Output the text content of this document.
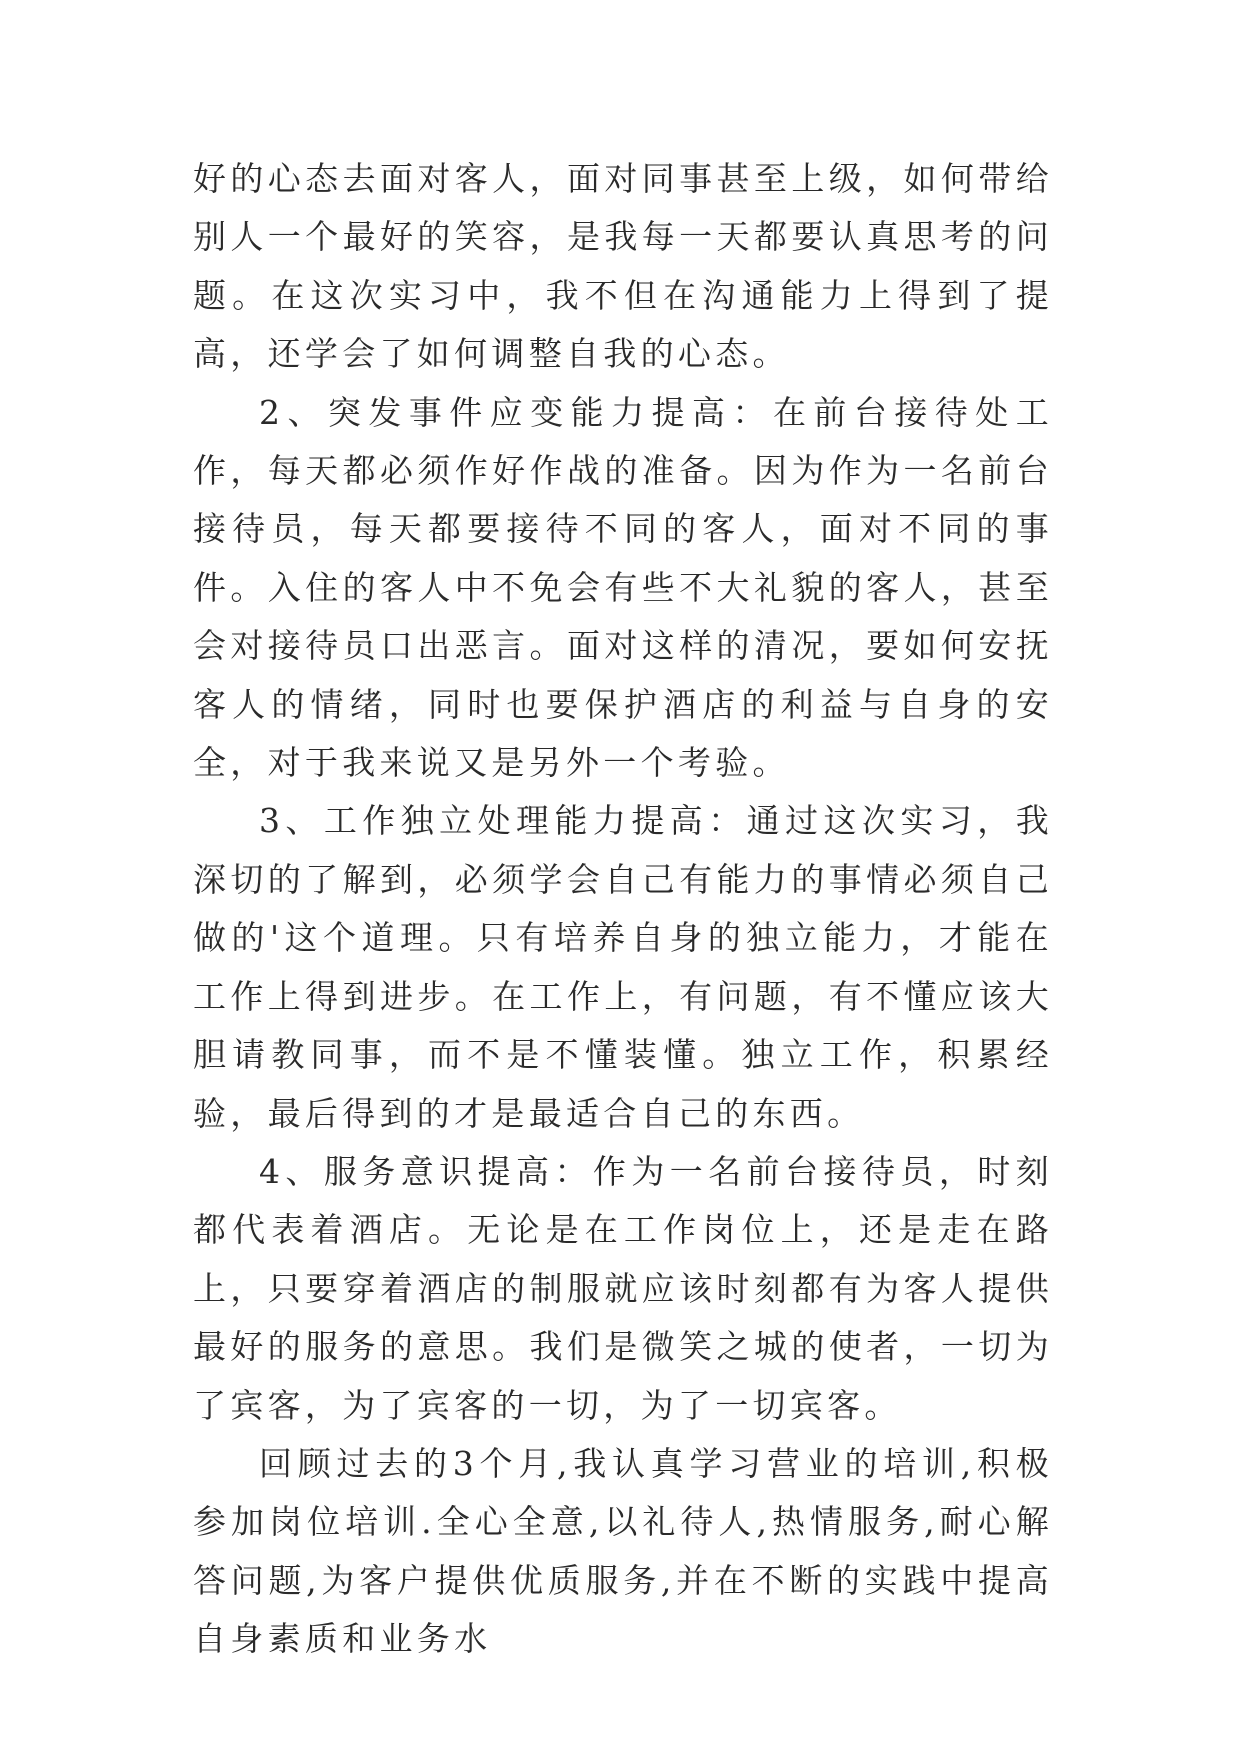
好的心态去面对客人，面对同事甚至上级，如何带给别人一个最好的笑容，是我每一天都要认真思考的问题。在这次实习中，我不但在沟通能力上得到了提高，还学会了如何调整自我的心态。

2、突发事件应变能力提高：在前台接待处工作，每天都必须作好作战的准备。因为作为一名前台接待员，每天都要接待不同的客人，面对不同的事件。入住的客人中不免会有些不大礼貌的客人，甚至会对接待员口出恶言。面对这样的清况，要如何安抚客人的情绪，同时也要保护酒店的利益与自身的安全，对于我来说又是另外一个考验。

3、工作独立处理能力提高：通过这次实习，我深切的了解到，必须学会自己有能力的事情必须自己做的'这个道理。只有培养自身的独立能力，才能在工作上得到进步。在工作上，有问题，有不懂应该大胆请教同事，而不是不懂装懂。独立工作，积累经验，最后得到的才是最适合自己的东西。

4、服务意识提高：作为一名前台接待员，时刻都代表着酒店。无论是在工作岗位上，还是走在路上，只要穿着酒店的制服就应该时刻都有为客人提供最好的服务的意思。我们是微笑之城的使者，一切为了宾客，为了宾客的一切，为了一切宾客。

回顾过去的3个月,我认真学习营业的培训,积极参加岗位培训.全心全意,以礼待人,热情服务,耐心解答问题,为客户提供优质服务,并在不断的实践中提高自身素质和业务水
